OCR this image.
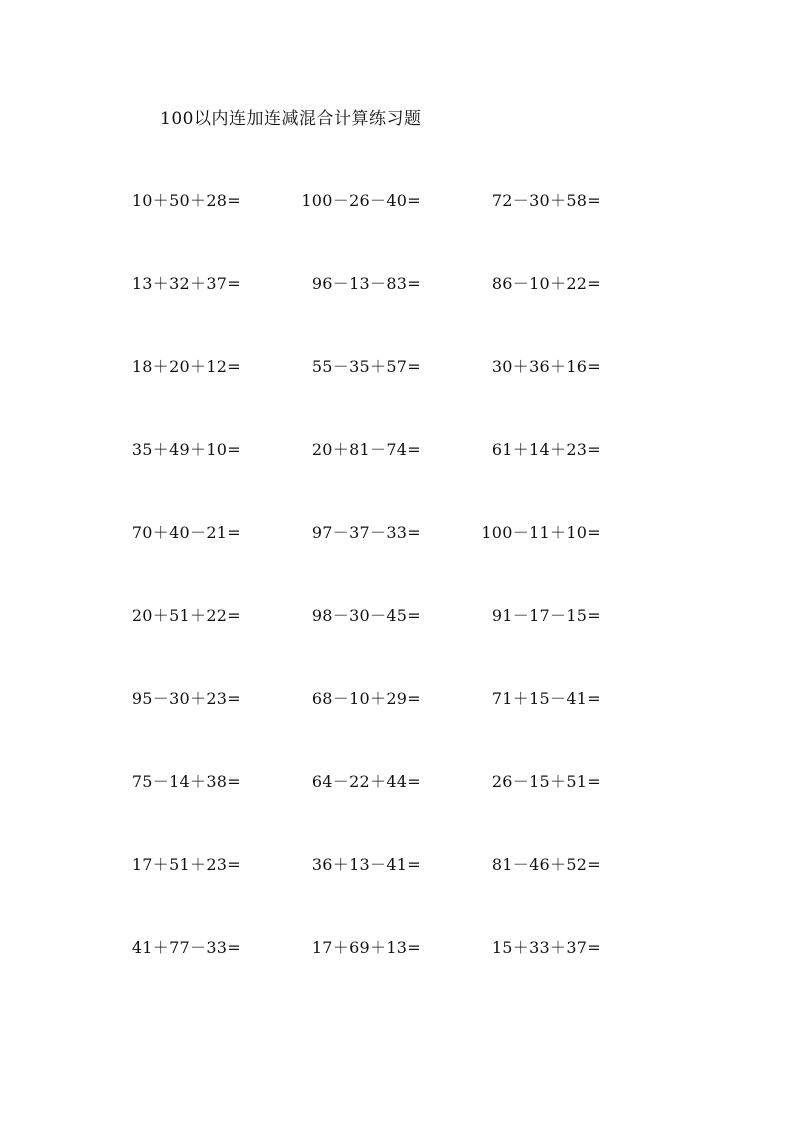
100以内连加连减混合计算练习题
10＋50＋28=	100－26－40=	72－30＋58=
13＋32＋37=	96－13－83=	86－10＋22=
18＋20＋12=	55－35＋57=	30＋36＋16=
35＋49＋10=	20＋81－74=	61＋14＋23=
70＋40－21=	97－37－33=	100－11＋10=
20＋51＋22=	98－30－45=	91－17－15=
95－30＋23=	68－10＋29=	71＋15－41=
75－14＋38=	64－22＋44=	26－15＋51=
17＋51＋23=	36＋13－41=	81－46＋52=
41＋77－33=	17＋69＋13=	15＋33＋37=
